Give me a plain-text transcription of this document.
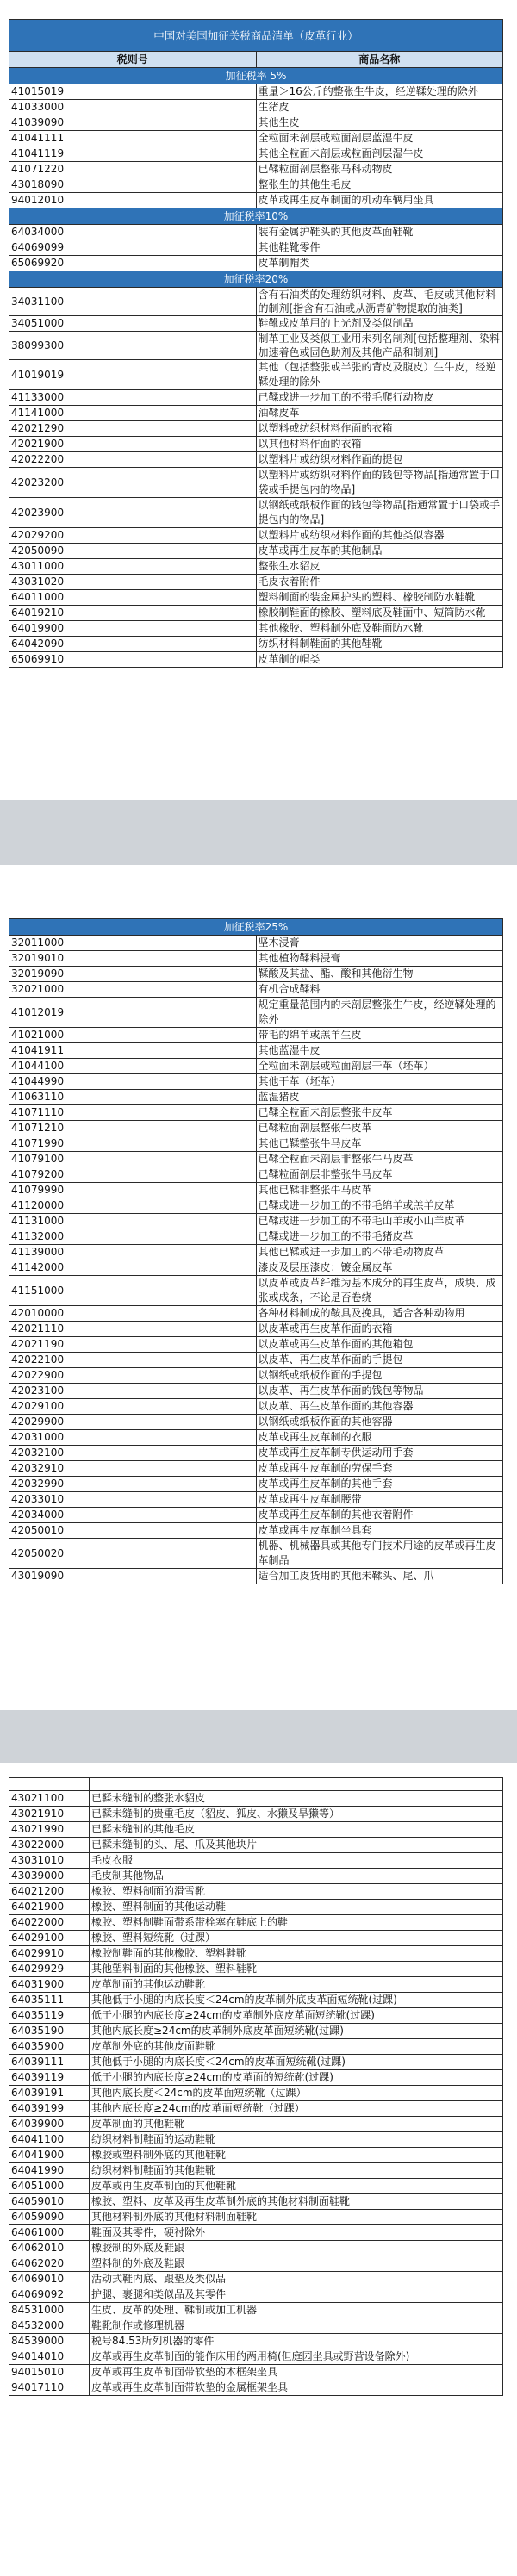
中国对美国加征关税商品清单（皮革行业）	
税则号	商品名称
加征税率 5%	
41015019	重量＞16公斤的整张生牛皮，经逆鞣处理的除外
41033000	生猪皮
41039090	其他生皮
41041111	全粒面未剖层或粒面剖层蓝湿牛皮
41041119	其他全粒面未剖层或粒面剖层湿牛皮
41071220	已鞣粒面剖层整张马科动物皮
43018090	整张生的其他生毛皮
94012010	皮革或再生皮革制面的机动车辆用坐具
加征税率10%	
64034000	装有金属护鞋头的其他皮革面鞋靴
64069099	其他鞋靴零件
65069920	皮革制帽类
加征税率20%	
34031100	含有石油类的处理纺织材料、皮革、毛皮或其他材料的制剂[指含有石油或从沥青矿物提取的油类]
34051000	鞋靴或皮革用的上光剂及类似制品
38099300	制革工业及类似工业用未列名制剂[包括整理剂、染料加速着色或固色助剂及其他产品和制剂]
41019019	其他（包括整张或半张的背皮及腹皮）生牛皮，经逆鞣处理的除外
41133000	已鞣或进一步加工的不带毛爬行动物皮
41141000	油鞣皮革
42021290	以塑料或纺织材料作面的衣箱
42021900	以其他材料作面的衣箱
42022200	以塑料片或纺织材料作面的提包
42023200	以塑料片或纺织材料作面的钱包等物品[指通常置于口袋或手提包内的物品]
42023900	以钢纸或纸板作面的钱包等物品[指通常置于口袋或手提包内的物品]
42029200	以塑料片或纺织材料作面的其他类似容器
42050090	皮革或再生皮革的其他制品
43011000	整张生水貂皮
43031020	毛皮衣着附件
64011000	塑料制面的装金属护头的塑料、橡胶制防水鞋靴
64019210	橡胶制鞋面的橡胶、塑料底及鞋面中、短筒防水靴
64019900	其他橡胶、塑料制外底及鞋面防水靴
64042090	纺织材料制鞋面的其他鞋靴
65069910	皮革制的帽类
加征税率25%	
32011000	坚木浸膏
32019010	其他植物鞣料浸膏
32019090	鞣酸及其盐、酯、酸和其他衍生物
32021000	有机合成鞣料
41012019	规定重量范围内的未剖层整张生牛皮，经逆鞣处理的除外
41021000	带毛的绵羊或羔羊生皮
41041911	其他蓝湿牛皮
41044100	全粒面未剖层或粒面剖层干革（坯革）
41044990	其他干革（坯革）
41063110	蓝湿猪皮
41071110	已鞣全粒面未剖层整张牛皮革
41071210	已鞣粒面剖层整张牛皮革
41071990	其他已鞣整张牛马皮革
41079100	已鞣全粒面未剖层非整张牛马皮革
41079200	已鞣粒面剖层非整张牛马皮革
41079990	其他已鞣非整张牛马皮革
41120000	已鞣或进一步加工的不带毛绵羊或羔羊皮革
41131000	已鞣或进一步加工的不带毛山羊或小山羊皮革
41132000	已鞣或进一步加工的不带毛猪皮革
41139000	其他已鞣或进一步加工的不带毛动物皮革
41142000	漆皮及层压漆皮；镀金属皮革
41151000	以皮革或皮革纤维为基本成分的再生皮革，成块、成张或成条，不论是否卷绕
42010000	各种材料制成的鞍具及挽具，适合各种动物用
42021110	以皮革或再生皮革作面的衣箱
42021190	以皮革或再生皮革作面的其他箱包
42022100	以皮革、再生皮革作面的手提包
42022900	以钢纸或纸板作面的手提包
42023100	以皮革、再生皮革作面的钱包等物品
42029100	以皮革、再生皮革作面的其他容器
42029900	以钢纸或纸板作面的其他容器
42031000	皮革或再生皮革制的衣服
42032100	皮革或再生皮革制专供运动用手套
42032910	皮革或再生皮革制的劳保手套
42032990	皮革或再生皮革制的其他手套
42033010	皮革或再生皮革制腰带
42034000	皮革或再生皮革制的其他衣着附件
42050010	皮革或再生皮革制坐具套
42050020	机器、机械器具或其他专门技术用途的皮革或再生皮革制品
43019090	适合加工皮货用的其他未鞣头、尾、爪

43021100	已鞣未缝制的整张水貂皮
43021910	已鞣未缝制的贵重毛皮（貂皮、狐皮、水獭及旱獭等）
43021990	已鞣未缝制的其他毛皮
43022000	已鞣未缝制的头、尾、爪及其他块片
43031010	毛皮衣服
43039000	毛皮制其他物品
64021200	橡胶、塑料制面的滑雪靴
64021900	橡胶、塑料制面的其他运动鞋
64022000	橡胶、塑料制鞋面带系带栓塞在鞋底上的鞋
64029100	橡胶、塑料短统靴（过踝）
64029910	橡胶制鞋面的其他橡胶、塑料鞋靴
64029929	其他塑料制面的其他橡胶、塑料鞋靴
64031900	皮革制面的其他运动鞋靴
64035111	其他低于小腿的内底长度＜24cm的皮革制外底皮革面短统靴(过踝)
64035119	低于小腿的内底长度≥24cm的皮革制外底皮革面短统靴(过踝)
64035190	其他内底长度≥24cm的皮革制外底皮革面短统靴(过踝)
64035900	皮革制外底的其他皮面鞋靴
64039111	其他低于小腿的内底长度＜24cm的皮革面短统靴(过踝)
64039119	低于小腿的内底长度≥24cm的皮革面的短统靴(过踝)
64039191	其他内底长度＜24cm的皮革面短统靴（过踝）
64039199	其他内底长度≥24cm的皮革面短统靴（过踝）
64039900	皮革制面的其他鞋靴
64041100	纺织材料制鞋面的运动鞋靴
64041900	橡胶或塑料制外底的其他鞋靴
64041990	纺织材料制鞋面的其他鞋靴
64051000	皮革或再生皮革制面的其他鞋靴
64059010	橡胶、塑料、皮革及再生皮革制外底的其他材料制面鞋靴
64059090	其他材料制外底的其他材料制面鞋靴
64061000	鞋面及其零件，硬衬除外
64062010	橡胶制的外底及鞋跟
64062020	塑料制的外底及鞋跟
64069010	活动式鞋内底、跟垫及类似品
64069092	护腿、裹腿和类似品及其零件
84531000	生皮、皮革的处理、鞣制或加工机器
84532000	鞋靴制作或修理机器
84539000	税号84.53所列机器的零件
94014010	皮革或再生皮革制面的能作床用的两用椅(但庭园坐具或野营设备除外)
94015010	皮革或再生皮革制面带软垫的木框架坐具
94017110	皮革或再生皮革制面带软垫的金属框架坐具
